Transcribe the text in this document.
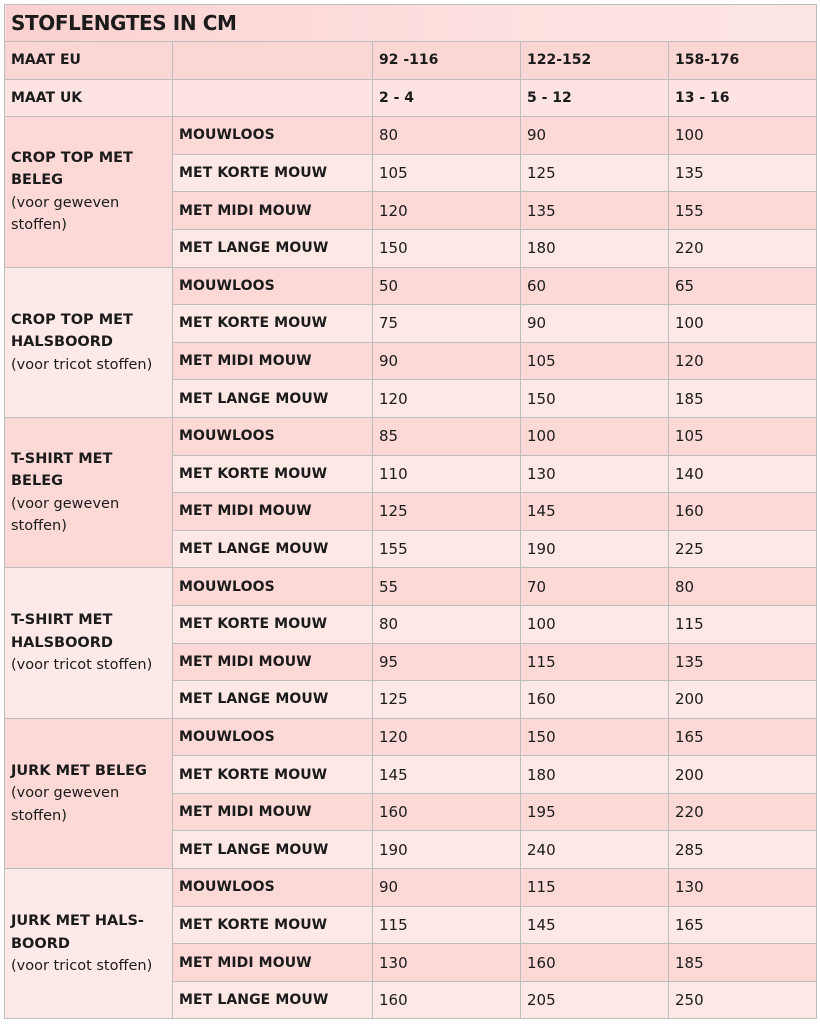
STOFLENGTES IN CM				
MAAT EU		92 -116	122-152	158-176
MAAT UK		2 - 4	5 - 12	13 - 16

CROP TOP MET
BELEG
(voor geweven
stoffen)	MOUWLOOS	80	90	100
	MET KORTE MOUW	105	125	135
	MET MIDI MOUW	120	135	155
	MET LANGE MOUW	150	180	220

CROP TOP MET
HALSBOORD
(voor tricot stoffen)	MOUWLOOS	50	60	65
	MET KORTE MOUW	75	90	100
	MET MIDI MOUW	90	105	120
	MET LANGE MOUW	120	150	185

T-SHIRT MET
BELEG
(voor geweven
stoffen)	MOUWLOOS	85	100	105
	MET KORTE MOUW	110	130	140
	MET MIDI MOUW	125	145	160
	MET LANGE MOUW	155	190	225

T-SHIRT MET
HALSBOORD
(voor tricot stoffen)	MOUWLOOS	55	70	80
	MET KORTE MOUW	80	100	115
	MET MIDI MOUW	95	115	135
	MET LANGE MOUW	125	160	200

JURK MET BELEG
(voor geweven
stoffen)	MOUWLOOS	120	150	165
	MET KORTE MOUW	145	180	200
	MET MIDI MOUW	160	195	220
	MET LANGE MOUW	190	240	285

JURK MET HALS-
BOORD
(voor tricot stoffen)	MOUWLOOS	90	115	130
	MET KORTE MOUW	115	145	165
	MET MIDI MOUW	130	160	185
	MET LANGE MOUW	160	205	250
